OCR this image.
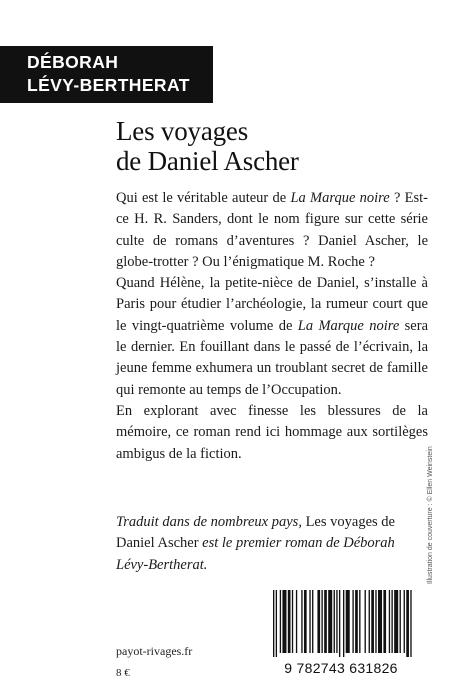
DÉBORAH
LÉVY-BERTHERAT
Les voyages
de Daniel Ascher

Qui est le véritable auteur de La Marque noire ? Est-ce H. R. Sanders, dont le nom figure sur cette série culte de romans d’aventures ? Daniel Ascher, le globe-trotter ? Ou l’énigmatique M. Roche ?

Quand Hélène, la petite-nièce de Daniel, s’installe à Paris pour étudier l’archéologie, la rumeur court que le vingt-quatrième volume de La Marque noire sera le dernier. En fouillant dans le passé de l’écrivain, la jeune femme exhumera un troublant secret de famille qui remonte au temps de l’Occupation.

En explorant avec finesse les blessures de la mémoire, ce roman rend ici hommage aux sortilèges ambigus de la fiction.

Traduit dans de nombreux pays, Les voyages de Daniel Ascher est le premier roman de Déborah Lévy-Bertherat.

payot-rivages.fr
8 €	9 782743 631826
Illustration de couverture : © Ellen Weinstein
